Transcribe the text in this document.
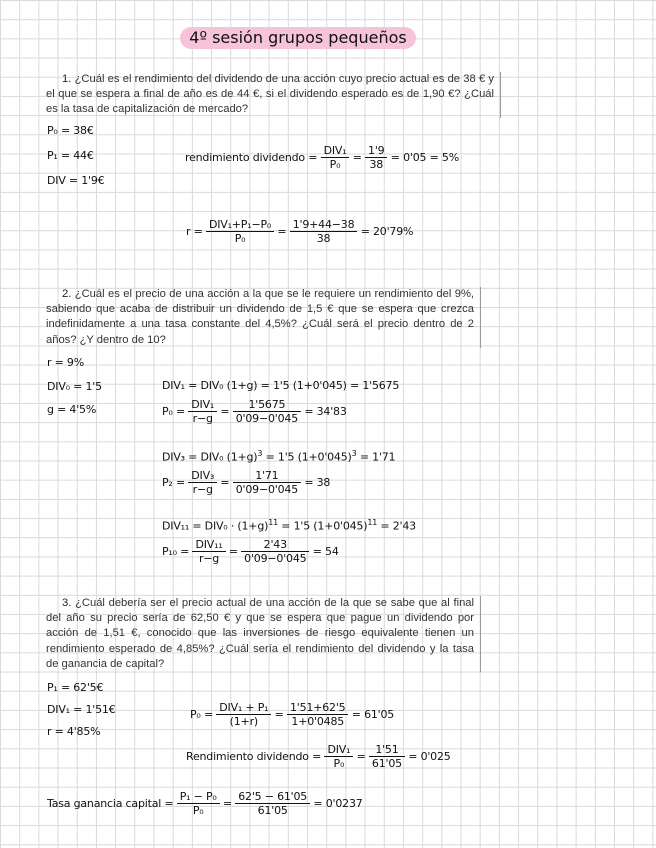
4º sesión grupos pequeños
1. ¿Cuál es el rendimiento del dividendo de una acción cuyo precio actual es de 38 € y el que se espera a final de año es de 44 €, si el dividendo esperado es de 1,90 €? ¿Cuál es la tasa de capitalización de mercado?
P₀ = 38€
P₁ = 44€
DIV = 1'9€
rendimiento dividendo = $\frac{\text{DIV₁}}{\text{P₀}} = \frac{1'9}{38} = 0'05 = 5\%$
$r = \frac{\text{DIV₁+P₁−P₀}}{\text{P₀}} = \frac{1'9+44-38}{38} = 20'79\%$
2. ¿Cuál es el precio de una acción a la que se le requiere un rendimiento del 9%, sabiendo que acaba de distribuir un dividendo de 1,5 € que se espera que crezca indefinidamente a una tasa constante del 4,5%? ¿Cuál será el precio dentro de 2 años? ¿Y dentro de 10?
r = 9%
DIV₀ = 1'5
g = 4'5%
DIV₁ = DIV₀ (1+g) = 1'5 (1+0'045) = 1'5675
$P_0 = \frac{\text{DIV₁}}{r-g} = \frac{1'5675}{0'09-0'045} = 34'83$
DIV₃ = DIV₀ $(1+g)^3 = 1'5$ $(1+0'045)^3 = 1'71$
$P_2 = \frac{\text{DIV₃}}{r-g} = \frac{1'71}{0'09-0'045} = 38$
$DIV_{11} = DIV_0 \cdot (1+g)^{11} = 1'5$ $(1+0'045)^{11} = 2'43$
$P_{10} = \frac{\text{DIV₁₁}}{r-g} = \frac{2'43}{0'09-0'045} = 54$
3. ¿Cuál debería ser el precio actual de una acción de la que se sabe que al final del año su precio sería de 62,50 € y que se espera que pague un dividendo por acción de 1,51 €, conocido que las inversiones de riesgo equivalente tienen un rendimiento esperado de 4,85%? ¿Cuál sería el rendimiento del dividendo y la tasa de ganancia de capital?
P₁ = 62'5€
DIV₁ = 1'51€
r = 4'85%
$P_0 = \frac{\text{DIV₁ + P₁}}{(1+r)} = \frac{1'51+62'5}{1+0'0485} = 61'05$
Rendimiento dividendo = $\frac{\text{DIV₁}}{\text{P₀}} = \frac{1'51}{61'05} = 0'025$
Tasa ganancia capital = $\frac{\text{P₁ − P₀}}{\text{P₀}} = \frac{62'5 - 61'05}{61'05} = 0'0237$
